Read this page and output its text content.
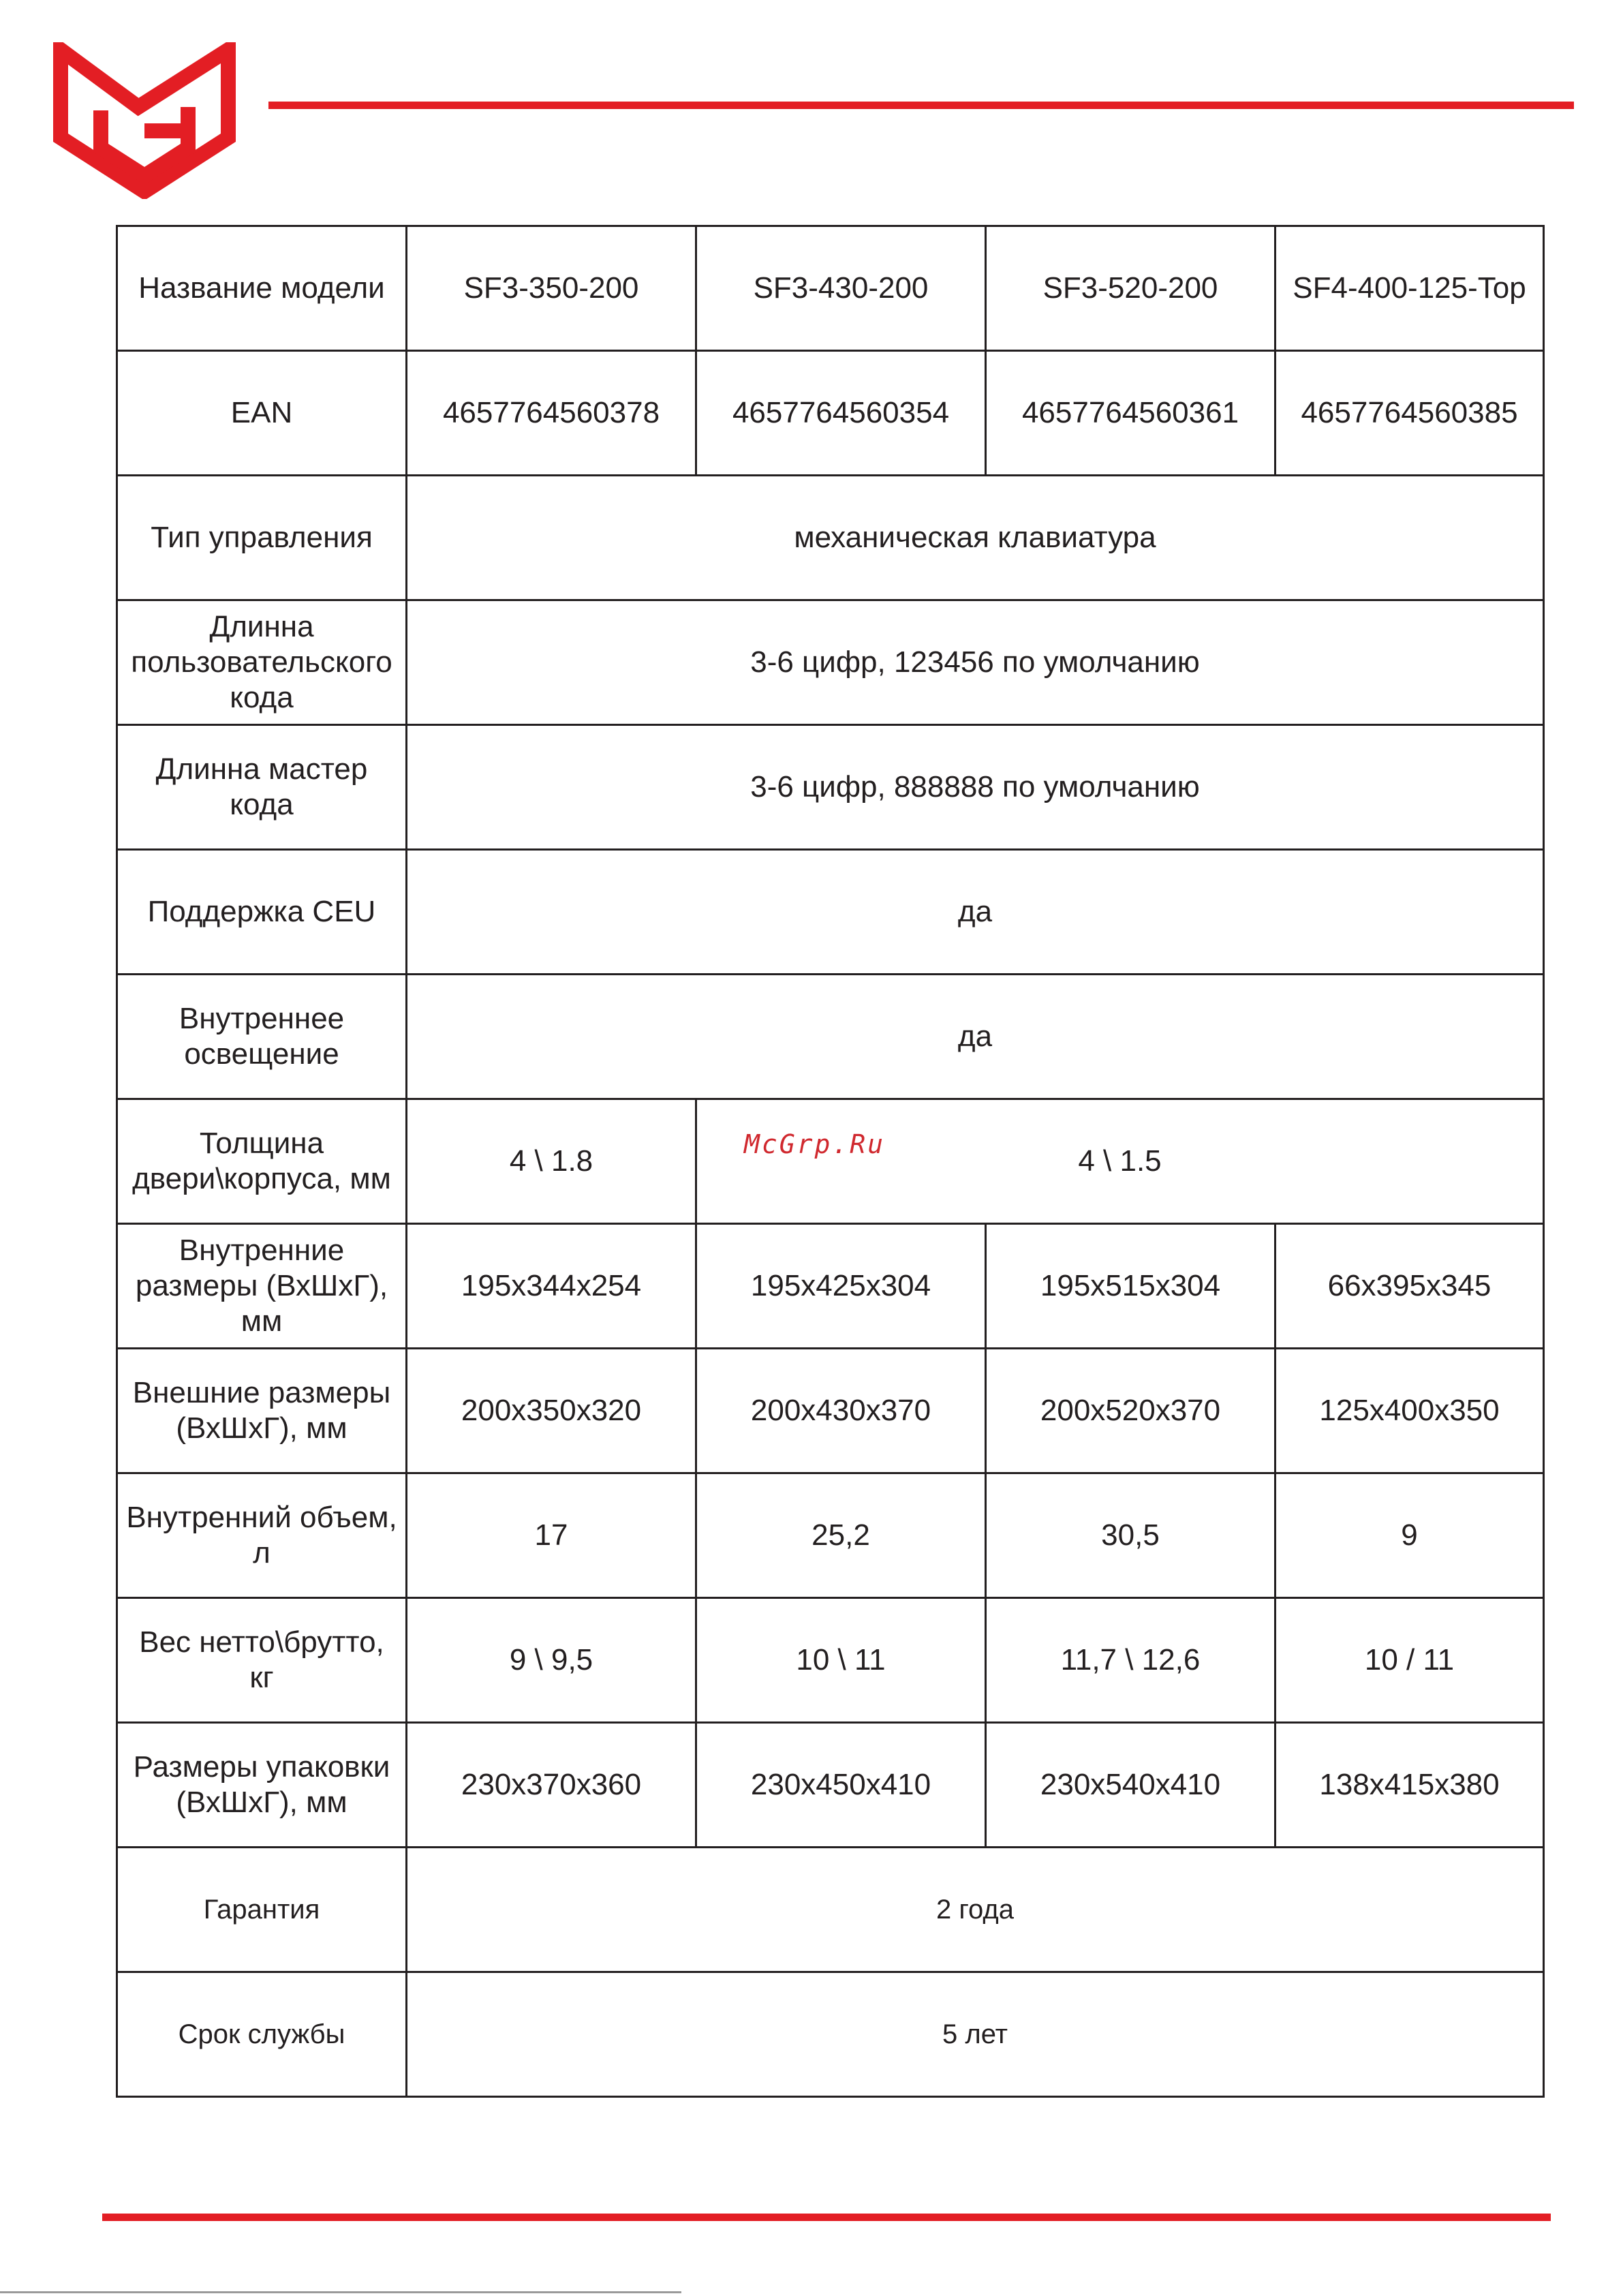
Название модели	SF3-350-200	SF3-430-200	SF3-520-200	SF4-400-125-Top
EAN	4657764560378	4657764560354	4657764560361	4657764560385
Тип управления	механическая клавиатура			
Длинна пользовательского кода	3-6 цифр, 123456 по умолчанию			
Длинна мастер кода	3-6 цифр, 888888 по умолчанию			
Поддержка CEU	да			
Внутреннее освещение	да			
Толщина двери\корпуса, мм	4 \ 1.8	4 \ 1.5		
Внутренние размеры (ВхШхГ), мм	195x344x254	195x425x304	195x515x304	66x395x345
Внешние размеры (ВхШхГ), мм	200x350x320	200x430x370	200x520x370	125x400x350
Внутренний объем, л	17	25,2	30,5	9
Вес нетто\брутто, кг	9 \ 9,5	10 \ 11	11,7 \ 12,6	10 / 11
Размеры упаковки (ВхШхГ), мм	230x370x360	230x450x410	230x540x410	138x415x380
Гарантия	2 года			
Срок службы	5 лет			
McGrp.Ru
